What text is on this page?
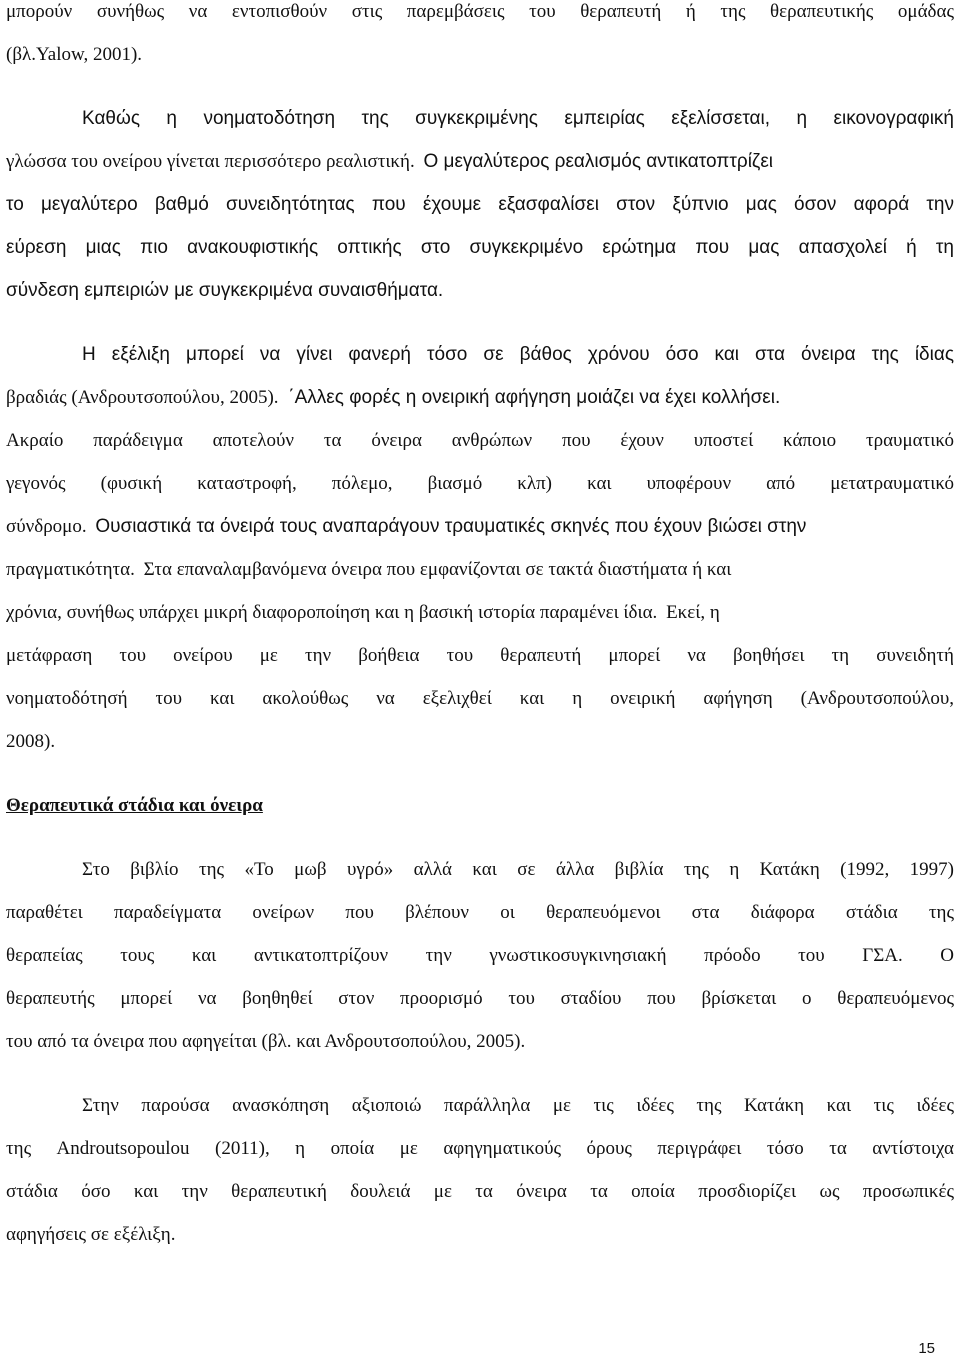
μπορούν συνήθως να εντοπισθούν στις παρεμβάσεις του θεραπευτή ή της θεραπευτικής ομάδας
(βλ.Yalow, 2001).
Καθώς η νοηματοδότηση της συγκεκριμένης εμπειρίας εξελίσσεται, η εικονογραφική
γλώσσα του ονείρου γίνεται περισσότερο ρεαλιστική. Ο μεγαλύτερος ρεαλισμός αντικατοπτρίζει
το μεγαλύτερο βαθμό συνειδητότητας που έχουμε εξασφαλίσει στον ξύπνιο μας όσον αφορά την
εύρεση μιας πιο ανακουφιστικής οπτικής στο συγκεκριμένο ερώτημα που μας απασχολεί ή τη
σύνδεση εμπειριών με συγκεκριμένα συναισθήματα.
Η εξέλιξη μπορεί να γίνει φανερή τόσο σε βάθος χρόνου όσο και στα όνειρα της ίδιας
βραδιάς (Ανδρουτσοπούλου, 2005). ΄Αλλες φορές η ονειρική αφήγηση μοιάζει να έχει κολλήσει.
Ακραίο παράδειγμα αποτελούν τα όνειρα ανθρώπων που έχουν υποστεί κάποιο τραυματικό
γεγονός (φυσική καταστροφή, πόλεμο, βιασμό κλπ) και υποφέρουν από μετατραυματικό
σύνδρομο. Ουσιαστικά τα όνειρά τους αναπαράγουν τραυματικές σκηνές που έχουν βιώσει στην
πραγματικότητα. Στα επαναλαμβανόμενα όνειρα που εμφανίζονται σε τακτά διαστήματα ή και
χρόνια, συνήθως υπάρχει μικρή διαφοροποίηση και η βασική ιστορία παραμένει ίδια. Εκεί, η
μετάφραση του ονείρου με την βοήθεια του θεραπευτή μπορεί να βοηθήσει τη συνειδητή
νοηματοδότησή του και ακολούθως να εξελιχθεί και η ονειρική αφήγηση (Ανδρουτσοπούλου,
2008).
Θεραπευτικά στάδια και όνειρα
Στο βιβλίο της «Το μωβ υγρό» αλλά και σε άλλα βιβλία της η Κατάκη (1992, 1997)
παραθέτει παραδείγματα ονείρων που βλέπουν οι θεραπευόμενοι στα διάφορα στάδια της
θεραπείας τους και αντικατοπτρίζουν την γνωστικοσυγκινησιακή πρόοδο του ΓΣΑ. Ο
θεραπευτής μπορεί να βοηθηθεί στον προορισμό του σταδίου που βρίσκεται ο θεραπευόμενος
του από τα όνειρα που αφηγείται (βλ. και Ανδρουτσοπούλου, 2005).
Στην παρούσα ανασκόπηση αξιοποιώ παράλληλα με τις ιδέες της Κατάκη και τις ιδέες
της Androutsopoulou (2011), η οποία με αφηγηματικούς όρους περιγράφει τόσο τα αντίστοιχα
στάδια όσο και την θεραπευτική δουλειά με τα όνειρα τα οποία προσδιορίζει ως προσωπικές
αφηγήσεις σε εξέλιξη.
15
